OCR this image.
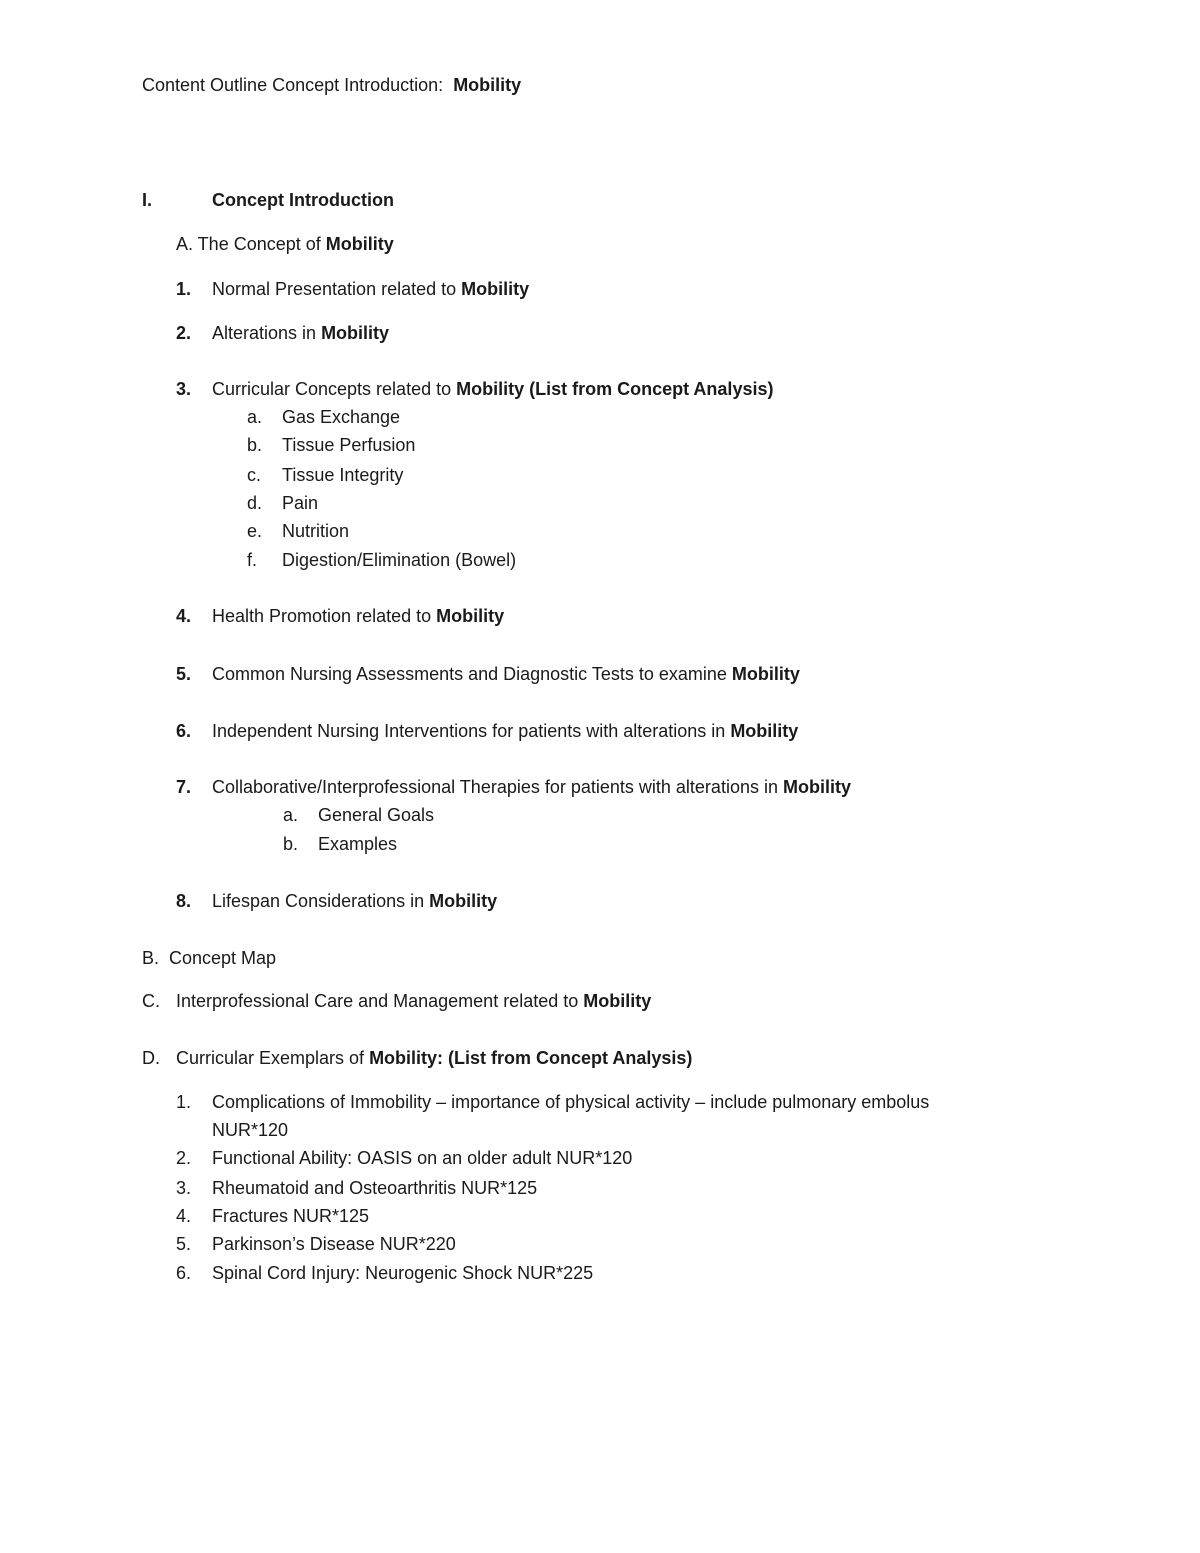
Content Outline Concept Introduction:  Mobility
I.	Concept Introduction
A. The Concept of Mobility
1. Normal Presentation related to Mobility
2. Alterations in Mobility
3. Curricular Concepts related to Mobility (List from Concept Analysis)
a. Gas Exchange
b. Tissue Perfusion
c. Tissue Integrity
d. Pain
e. Nutrition
f. Digestion/Elimination (Bowel)
4. Health Promotion related to Mobility
5. Common Nursing Assessments and Diagnostic Tests to examine Mobility
6. Independent Nursing Interventions for patients with alterations in Mobility
7. Collaborative/Interprofessional Therapies for patients with alterations in Mobility
a. General Goals
b. Examples
8. Lifespan Considerations in Mobility
B. Concept Map
C. Interprofessional Care and Management related to Mobility
D. Curricular Exemplars of Mobility: (List from Concept Analysis)
1. Complications of Immobility – importance of physical activity – include pulmonary embolus
NUR*120
2. Functional Ability: OASIS on an older adult NUR*120
3. Rheumatoid and Osteoarthritis NUR*125
4. Fractures NUR*125
5. Parkinson’s Disease NUR*220
6. Spinal Cord Injury: Neurogenic Shock NUR*225
